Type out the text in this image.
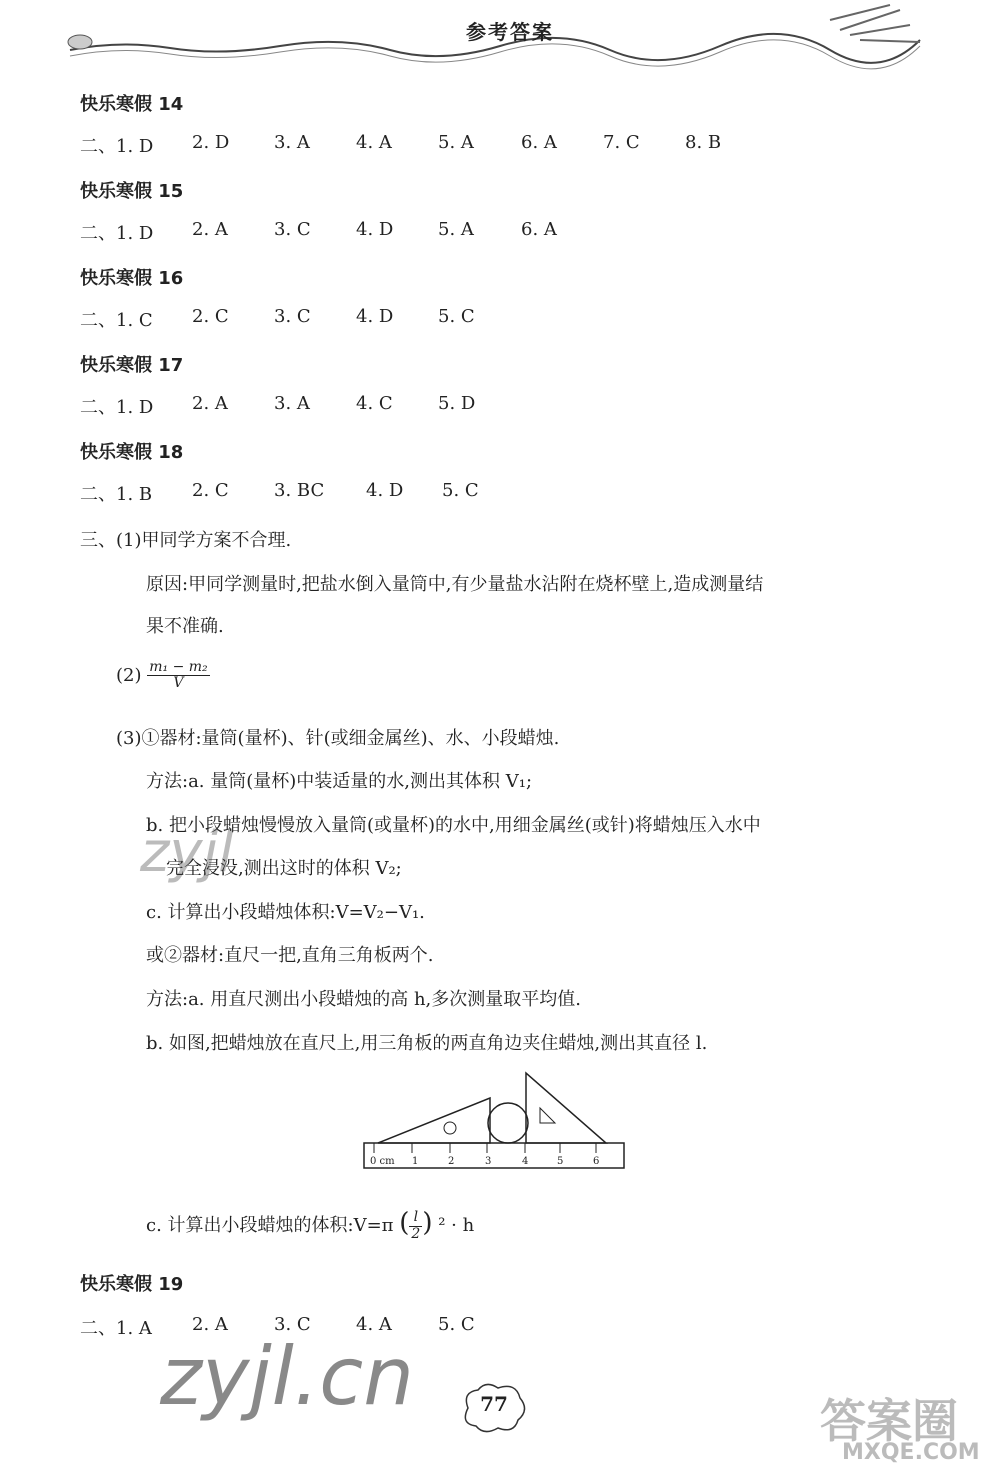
参考答案
快乐寒假 14
二、1. D 2. D 3. A	4. A	5. A	6. A	7. C	8. B
快乐寒假 15
二、1. D 2. A	3. C	4. D 5. A	6. A
快乐寒假 16
二、1. C 2. C	3. C	4. D 5. C
快乐寒假 17
二、1. D 2. A	3. A	4. C	5. D
快乐寒假 18
二、1. B 2. C	3. BC 4. D 5. C
三、(1)甲同学方案不合理.
原因:甲同学测量时,把盐水倒入量筒中,有少量盐水沾附在烧杯壁上,造成测量结
果不准确.
$(2) \frac{\text{m₁ − m₂}}{V}$
(3)①器材:量筒(量杯)、针(或细金属丝)、水、小段蜡烛.
方法:a. 量筒(量杯)中装适量的水,测出其体积 V₁;
b. 把小段蜡烛慢慢放入量筒(或量杯)的水中,用细金属丝(或针)将蜡烛压入水中
完全浸没,测出这时的体积 V₂;
c. 计算出小段蜡烛体积:V=V₂−V₁.
或②器材:直尺一把,直角三角板两个.
方法:a. 用直尺测出小段蜡烛的高 h,多次测量取平均值.
b. 如图,把蜡烛放在直尺上,用三角板的两直角边夹住蜡烛,测出其直径 l.
0 cm 1	2	3	4	5	6
c. 计算出小段蜡烛的体积:V=π ( $\frac{l}{2}$ ) ² · h
快乐寒假 19
二、1. A 2. A	3. C	4. A	5. C
zyjl
zyjl.cn	答案圈
MXQE.COM
77
